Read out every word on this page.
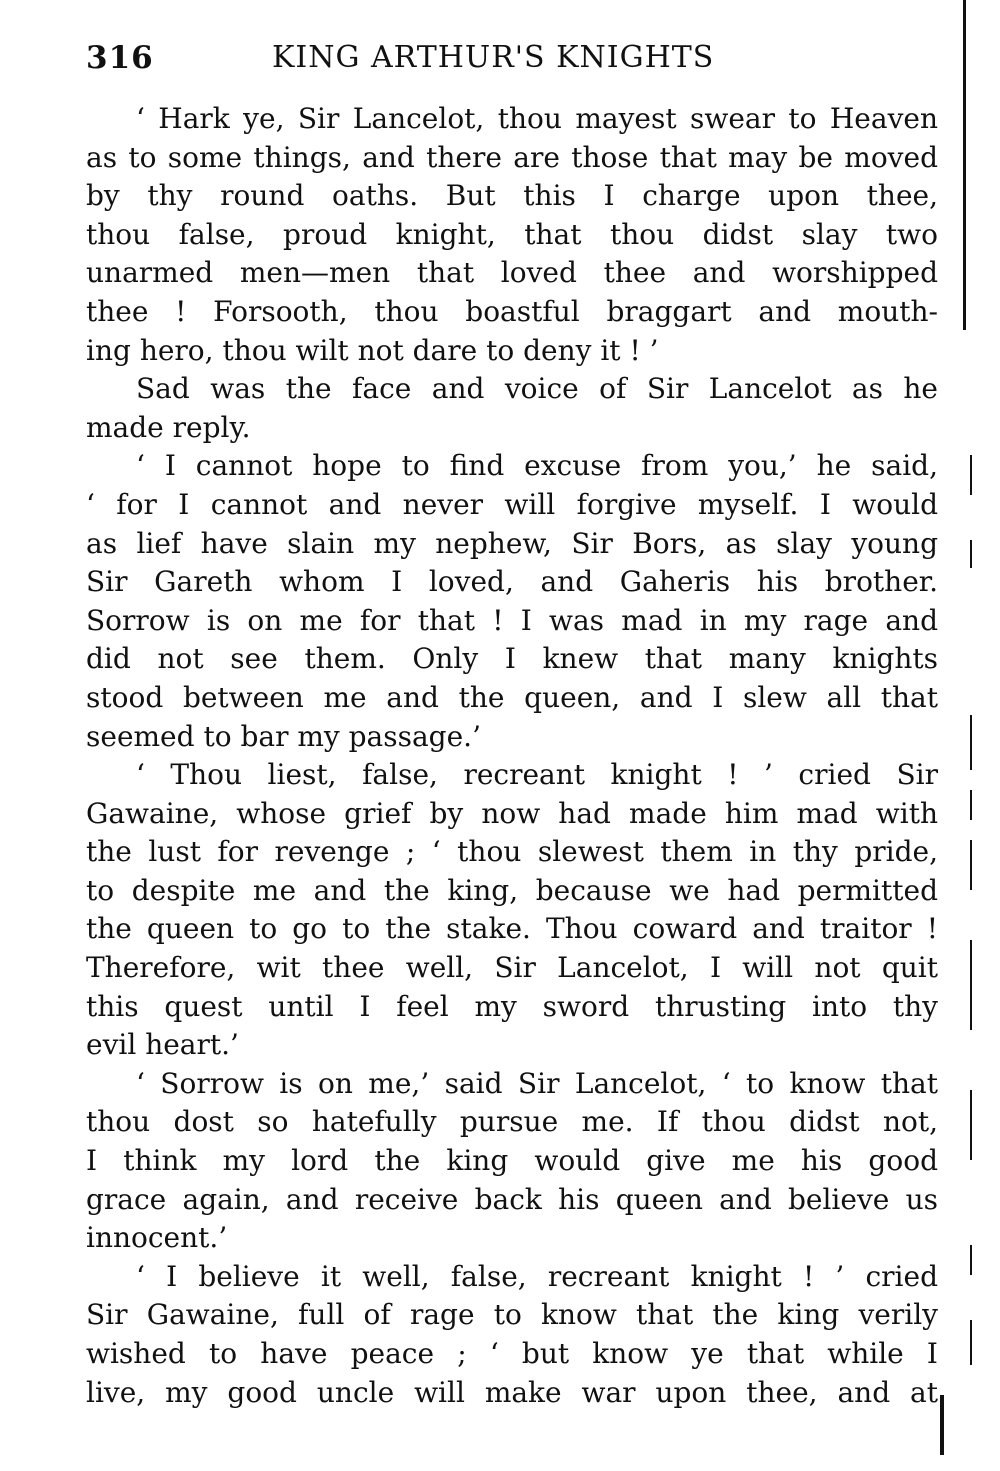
316	KING ARTHUR'S KNIGHTS
‘ Hark ye, Sir Lancelot, thou mayest swear to Heaven
as to some things, and there are those that may be moved
by thy round oaths. But this I charge upon thee,
thou false, proud knight, that thou didst slay two
unarmed men—men that loved thee and worshipped
thee ! Forsooth, thou boastful braggart and mouth-
ing hero, thou wilt not dare to deny it ! ’
Sad was the face and voice of Sir Lancelot as he
made reply.
‘ I cannot hope to find excuse from you,’ he said,
‘ for I cannot and never will forgive myself. I would
as lief have slain my nephew, Sir Bors, as slay young
Sir Gareth whom I loved, and Gaheris his brother.
Sorrow is on me for that ! I was mad in my rage and
did not see them. Only I knew that many knights
stood between me and the queen, and I slew all that
seemed to bar my passage.’
‘ Thou liest, false, recreant knight ! ’ cried Sir
Gawaine, whose grief by now had made him mad with
the lust for revenge ; ‘ thou slewest them in thy pride,
to despite me and the king, because we had permitted
the queen to go to the stake. Thou coward and traitor !
Therefore, wit thee well, Sir Lancelot, I will not quit
this quest until I feel my sword thrusting into thy
evil heart.’
‘ Sorrow is on me,’ said Sir Lancelot, ‘ to know that
thou dost so hatefully pursue me. If thou didst not,
I think my lord the king would give me his good
grace again, and receive back his queen and believe us
innocent.’
‘ I believe it well, false, recreant knight ! ’ cried
Sir Gawaine, full of rage to know that the king verily
wished to have peace ; ‘ but know ye that while I
live, my good uncle will make war upon thee, and at
